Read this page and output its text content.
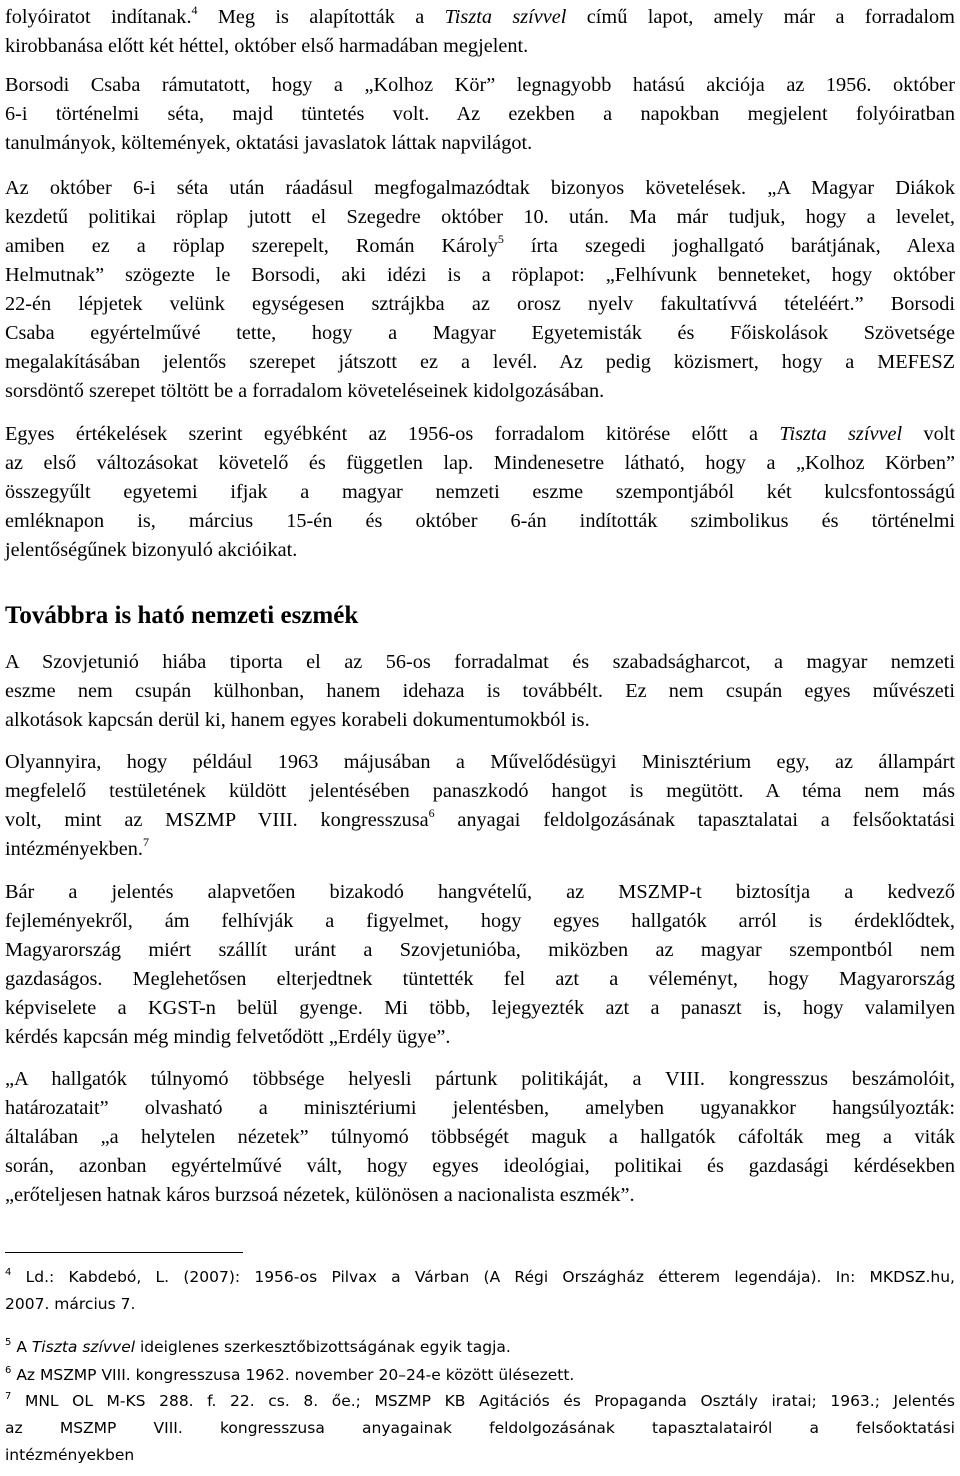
folyóiratot indítanak.$^4$ Meg is alapították a Tiszta szívvel című lapot, amely már a forradalom
kirobbanása előtt két héttel, október első harmadában megjelent.
Borsodi Csaba rámutatott, hogy a „Kolhoz Kör” legnagyobb hatású akciója az 1956. október
6-i történelmi séta, majd tüntetés volt. Az ezekben a napokban megjelent folyóiratban
tanulmányok, költemények, oktatási javaslatok láttak napvilágot.
Az október 6-i séta után ráadásul megfogalmazódtak bizonyos követelések. „A Magyar Diákok
kezdetű politikai röplap jutott el Szegedre október 10. után. Ma már tudjuk, hogy a levelet,
amiben ez a röplap szerepelt, Román Károly$^5$ írta szegedi joghallgató barátjának, Alexa
Helmutnak” szögezte le Borsodi, aki idézi is a röplapot: „Felhívunk benneteket, hogy október
22-én lépjetek velünk egységesen sztrájkba az orosz nyelv fakultatívvá tételéért.” Borsodi
Csaba egyértelművé tette, hogy a Magyar Egyetemisták és Főiskolások Szövetsége
megalakításában jelentős szerepet játszott ez a levél. Az pedig közismert, hogy a MEFESZ
sorsdöntő szerepet töltött be a forradalom követeléseinek kidolgozásában.
Egyes értékelések szerint egyébként az 1956-os forradalom kitörése előtt a Tiszta szívvel volt
az első változásokat követelő és független lap. Mindenesetre látható, hogy a „Kolhoz Körben”
összegyűlt egyetemi ifjak a magyar nemzeti eszme szempontjából két kulcsfontosságú
emléknapon is, március 15-én és október 6-án indították szimbolikus és történelmi
jelentőségűnek bizonyuló akcióikat.
Továbbra is ható nemzeti eszmék
A Szovjetunió hiába tiporta el az 56-os forradalmat és szabadságharcot, a magyar nemzeti
eszme nem csupán külhonban, hanem idehaza is továbbélt. Ez nem csupán egyes művészeti
alkotások kapcsán derül ki, hanem egyes korabeli dokumentumokból is.
Olyannyira, hogy például 1963 májusában a Művelődésügyi Minisztérium egy, az állampárt
megfelelő testületének küldött jelentésében panaszkodó hangot is megütött. A téma nem más
volt, mint az MSZMP VIII. kongresszusa$^6$ anyagai feldolgozásának tapasztalatai a felsőoktatási
intézményekben.$^7$
Bár a jelentés alapvetően bizakodó hangvételű, az MSZMP-t biztosítja a kedvező
fejleményekről, ám felhívják a figyelmet, hogy egyes hallgatók arról is érdeklődtek,
Magyarország miért szállít uránt a Szovjetunióba, miközben az magyar szempontból nem
gazdaságos. Meglehetősen elterjedtnek tüntették fel azt a véleményt, hogy Magyarország
képviselete a KGST-n belül gyenge. Mi több, lejegyezték azt a panaszt is, hogy valamilyen
kérdés kapcsán még mindig felvetődött „Erdély ügye”.
„A hallgatók túlnyomó többsége helyesli pártunk politikáját, a VIII. kongresszus beszámolóit,
határozatait” olvasható a minisztériumi jelentésben, amelyben ugyanakkor hangsúlyozták:
általában „a helytelen nézetek” túlnyomó többségét maguk a hallgatók cáfolták meg a viták
során, azonban egyértelművé vált, hogy egyes ideológiai, politikai és gazdasági kérdésekben
„erőteljesen hatnak káros burzsoá nézetek, különösen a nacionalista eszmék”.
$^4$ Ld.: Kabdebó, L. (2007): 1956-os Pilvax a Várban (A Régi Országház étterem legendája). In: MKDSZ.hu,
2007. március 7.
$^5$ A Tiszta szívvel ideiglenes szerkesztőbizottságának egyik tagja.
$^6$ Az MSZMP VIII. kongresszusa 1962. november 20–24-e között ülésezett.
$^7$ MNL OL M-KS 288. f. 22. cs. 8. őe.; MSZMP KB Agitációs és Propaganda Osztály iratai; 1963.; Jelentés
az MSZMP VIII. kongresszusa anyagainak feldolgozásának tapasztalatairól a felsőoktatási
intézményekben
